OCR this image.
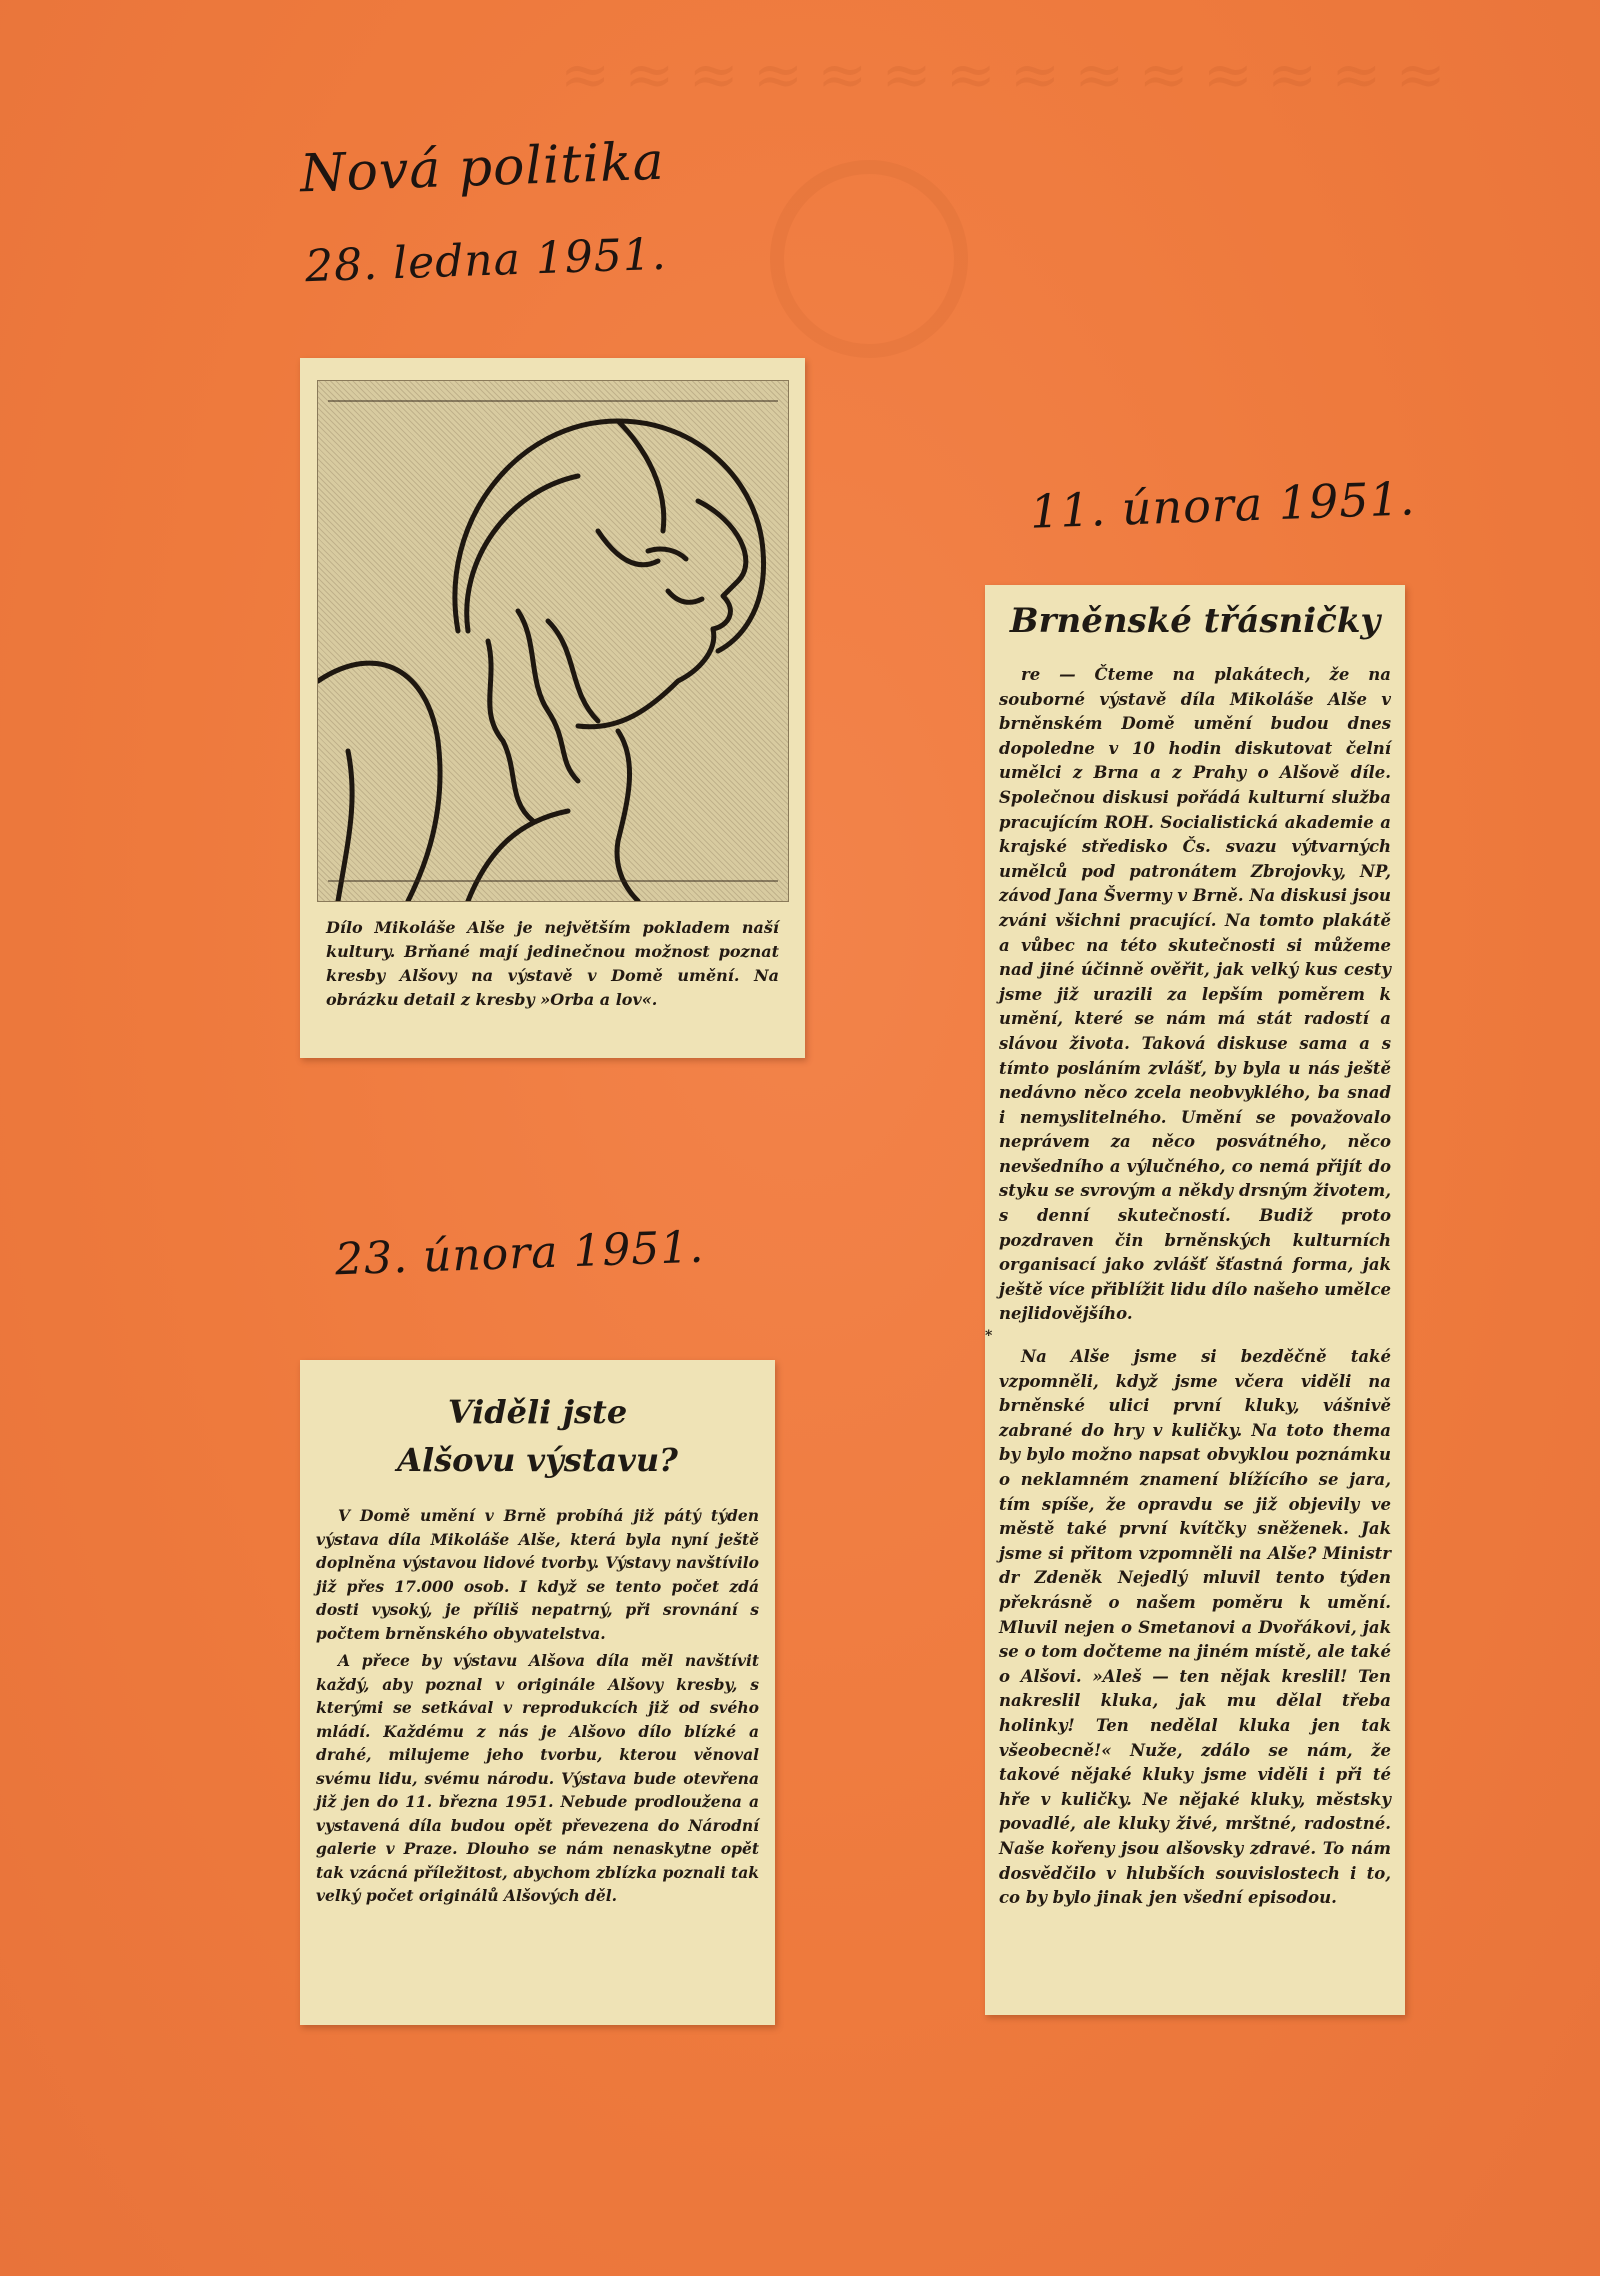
≈≈≈≈≈≈≈≈≈≈≈≈≈≈
Nová politika
28. ledna 1951.
11. února 1951.
23. února 1951.

Dílo Mikoláše Alše je největším pokladem naší kultury. Brňané mají jedinečnou možnost poznat kresby Alšovy na výstavě v Domě umění. Na obrázku detail z kresby »Orba a lov«.

Brněnské třásničky

re — Čteme na plakátech, že na souborné výstavě díla Mikoláše Alše v brněnském Domě umění budou dnes dopoledne v 10 hodin diskutovat čelní umělci z Brna a z Prahy o Alšově díle. Společnou diskusi pořádá kulturní služba pracujícím ROH. Socialistická akademie a krajské středisko Čs. svazu výtvarných umělců pod patronátem Zbrojovky, NP, závod Jana Švermy v Brně. Na diskusi jsou zváni všichni pracující. Na tomto plakátě a vůbec na této skutečnosti si můžeme nad jiné účinně ověřit, jak velký kus cesty jsme již urazili za lepším poměrem k umění, které se nám má stát radostí a slávou života. Taková diskuse sama a s tímto posláním zvlášť, by byla u nás ještě nedávno něco zcela neobvyklého, ba snad i nemyslitelného. Umění se považovalo neprávem za něco posvátného, něco nevšedního a výlučného, co nemá přijít do styku se svrovým a někdy drsným životem, s denní skutečností. Budiž proto pozdraven čin brněnských kulturních organisací jako zvlášť šťastná forma, jak ještě více přiblížit lidu dílo našeho umělce nejlidovějšího.

*

Na Alše jsme si bezděčně také vzpomněli, když jsme včera viděli na brněnské ulici první kluky, vášnivě zabrané do hry v kuličky. Na toto thema by bylo možno napsat obvyklou poznámku o neklamném znamení blížícího se jara, tím spíše, že opravdu se již objevily ve městě také první kvítčky sněženek. Jak jsme si přitom vzpomněli na Alše? Ministr dr Zdeněk Nejedlý mluvil tento týden překrásně o našem poměru k umění. Mluvil nejen o Smetanovi a Dvořákovi, jak se o tom dočteme na jiném místě, ale také o Alšovi. »Aleš — ten nějak kreslil! Ten nakreslil kluka, jak mu dělal třeba holinky! Ten nedělal kluka jen tak všeobecně!« Nuže, zdálo se nám, že takové nějaké kluky jsme viděli i při té hře v kuličky. Ne nějaké kluky, městsky povadlé, ale kluky živé, mrštné, radostné. Naše kořeny jsou alšovsky zdravé. To nám dosvědčilo v hlubších souvislostech i to, co by bylo jinak jen všední episodou.

Viděli jste
Alšovu výstavu?

V Domě umění v Brně probíhá již pátý týden výstava díla Mikoláše Alše, která byla nyní ještě doplněna výstavou lidové tvorby. Výstavy navštívilo již přes 17.000 osob. I když se tento počet zdá dosti vysoký, je příliš nepatrný, při srovnání s počtem brněnského obyvatelstva.

A přece by výstavu Alšova díla měl navštívit každý, aby poznal v originále Alšovy kresby, s kterými se setkával v reprodukcích již od svého mládí. Každému z nás je Alšovo dílo blízké a drahé, milujeme jeho tvorbu, kterou věnoval svému lidu, svému národu. Výstava bude otevřena již jen do 11. března 1951. Nebude prodloužena a vystavená díla budou opět převezena do Národní galerie v Praze. Dlouho se nám nenaskytne opět tak vzácná příležitost, abychom zblízka poznali tak velký počet originálů Alšových děl.
